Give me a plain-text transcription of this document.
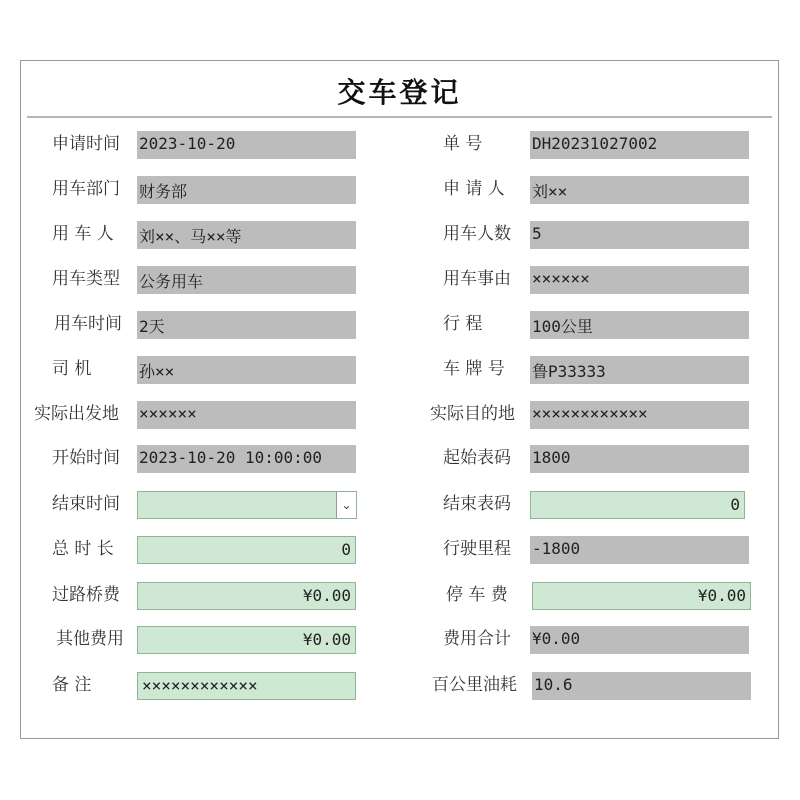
交车登记
申请时间	2023-10-20
用车部门	财务部
用 车 人	刘××、马××等
用车类型	公务用车
用车时间	2天
司 机	孙××
实际出发地	××××××
开始时间	2023-10-20 10:00:00
结束时间	⌄
总 时 长	0
过路桥费	¥0.00
其他费用	¥0.00
备 注	××××××××××××
单 号	DH20231027002
申 请 人	刘××
用车人数	5
用车事由	××××××
行 程	100公里
车 牌 号	鲁P33333
实际目的地	××××××××××××
起始表码	1800
结束表码	0
行驶里程	-1800
停 车 费	¥0.00
费用合计	¥0.00
百公里油耗	10.6
